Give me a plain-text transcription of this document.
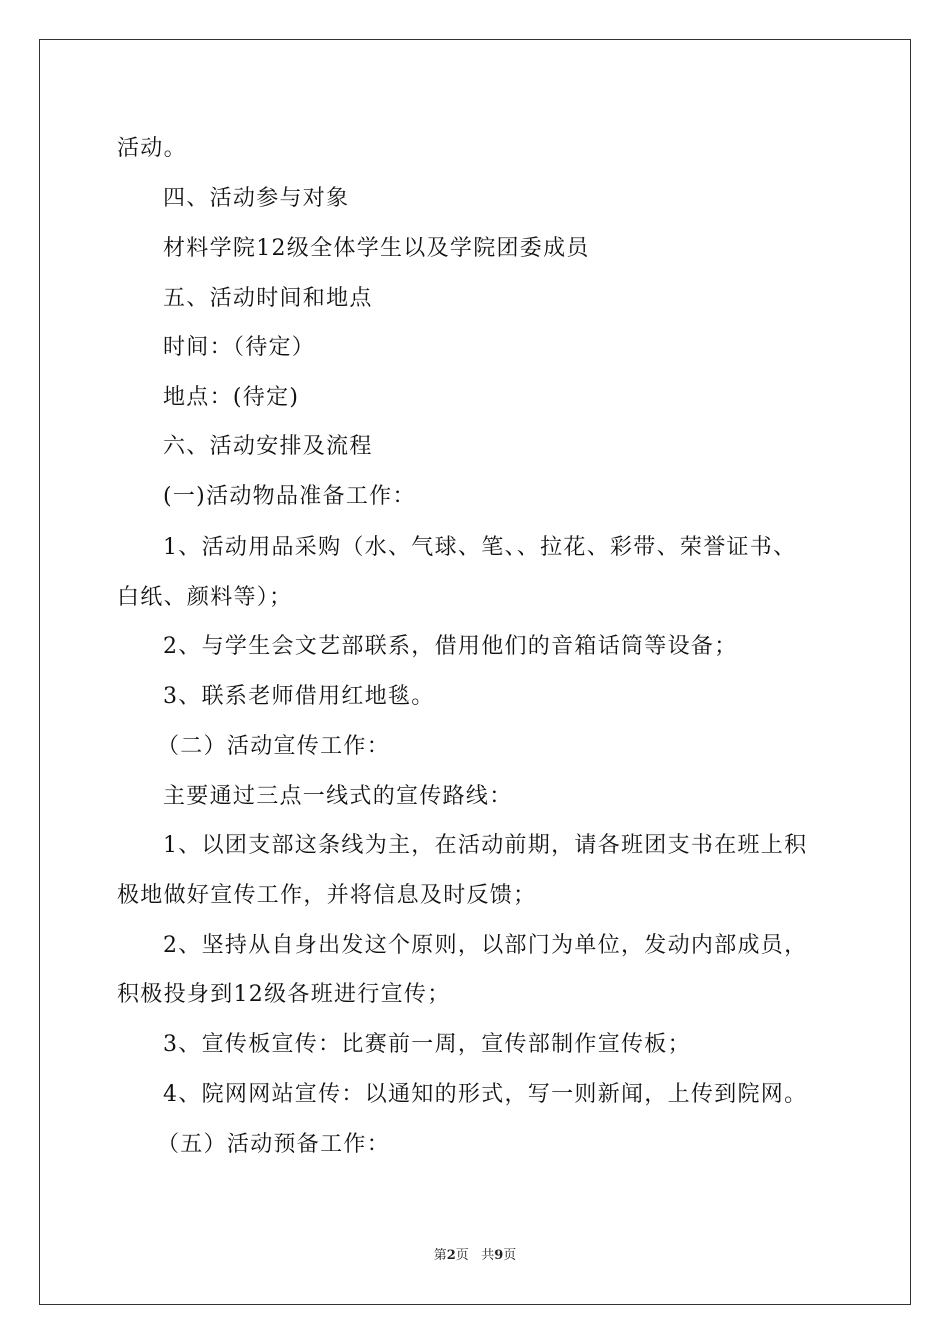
活动。
四、活动参与对象
材料学院12级全体学生以及学院团委成员
五、活动时间和地点
时间：（待定）
地点：(待定)
六、活动安排及流程
(一)活动物品准备工作：
1、活动用品采购（水、气球、笔、、拉花、彩带、荣誉证书、
白纸、颜料等）；
2、与学生会文艺部联系，借用他们的音箱话筒等设备；
3、联系老师借用红地毯。
（二）活动宣传工作：
主要通过三点一线式的宣传路线：
1、以团支部这条线为主，在活动前期，请各班团支书在班上积
极地做好宣传工作，并将信息及时反馈；
2、坚持从自身出发这个原则，以部门为单位，发动内部成员，
积极投身到12级各班进行宣传；
3、宣传板宣传：比赛前一周，宣传部制作宣传板；
4、院网网站宣传：以通知的形式，写一则新闻，上传到院网。
（五）活动预备工作：
第2页 共9页
